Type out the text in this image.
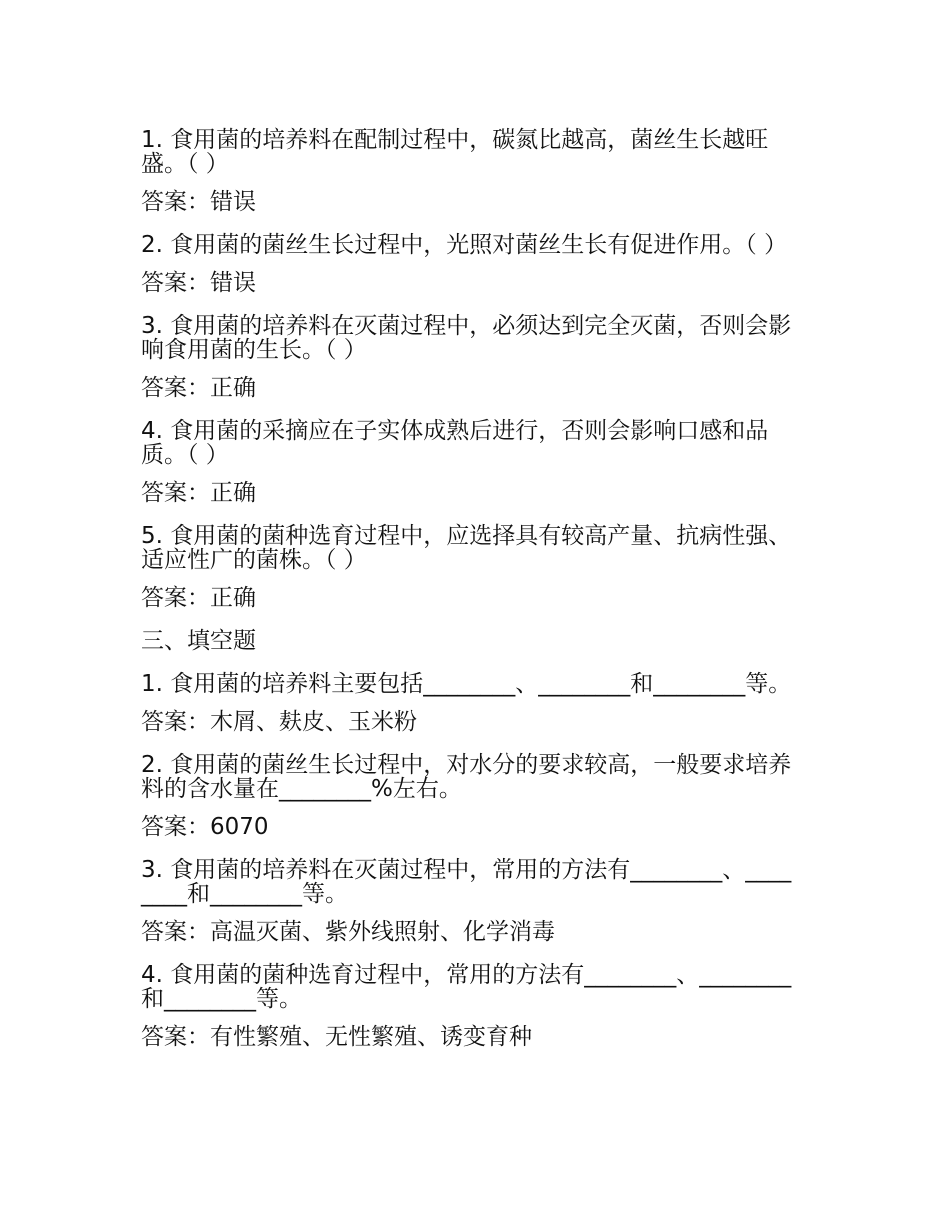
1. 食用菌的培养料在配制过程中，碳氮比越高，菌丝生长越旺盛。（ ）

答案：错误

2. 食用菌的菌丝生长过程中，光照对菌丝生长有促进作用。（ ）

答案：错误

3. 食用菌的培养料在灭菌过程中，必须达到完全灭菌，否则会影响食用菌的生长。（ ）

答案：正确

4. 食用菌的采摘应在子实体成熟后进行，否则会影响口感和品质。（ ）

答案：正确

5. 食用菌的菌种选育过程中，应选择具有较高产量、抗病性强、适应性广的菌株。（ ）

答案：正确

三、填空题

1. 食用菌的培养料主要包括________、________和________等。

答案：木屑、麸皮、玉米粉

2. 食用菌的菌丝生长过程中，对水分的要求较高，一般要求培养料的含水量在________%左右。

答案：6070

3. 食用菌的培养料在灭菌过程中，常用的方法有________、________和________等。

答案：高温灭菌、紫外线照射、化学消毒

4. 食用菌的菌种选育过程中，常用的方法有________、________和________等。

答案：有性繁殖、无性繁殖、诱变育种
